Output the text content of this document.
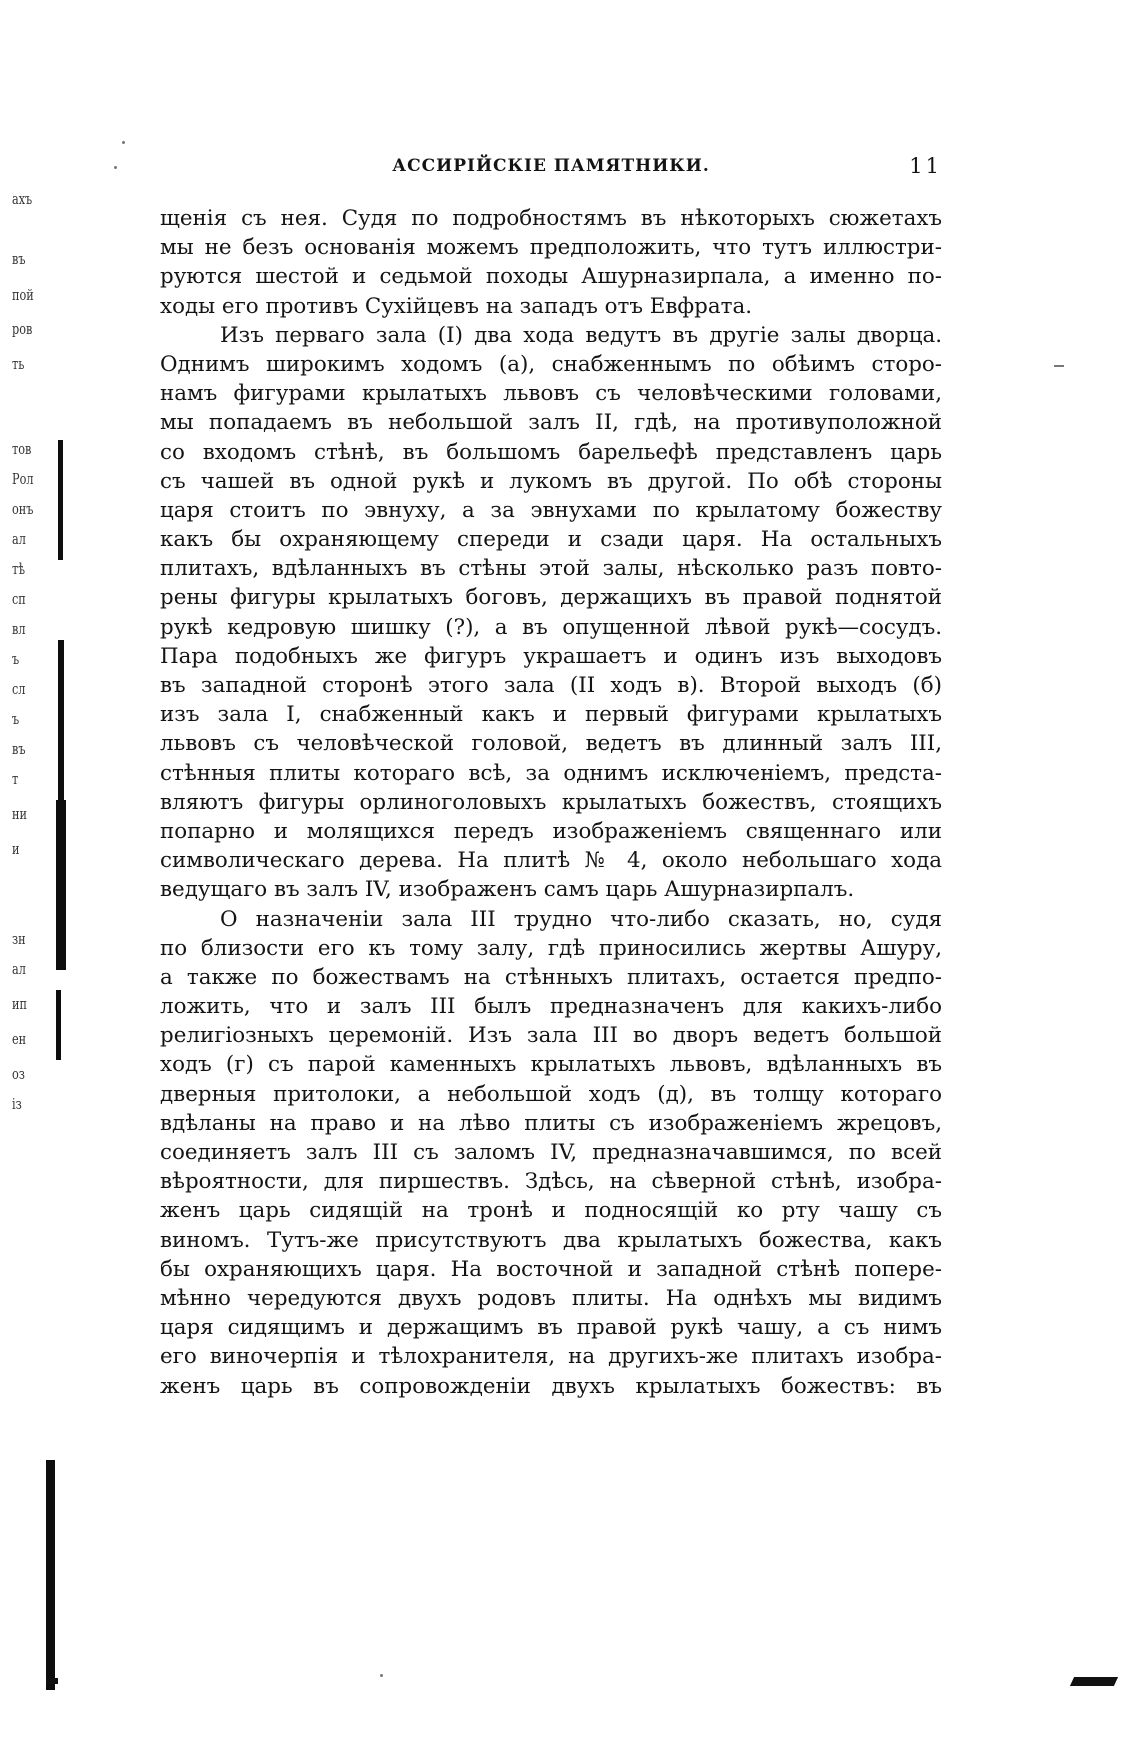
ахъ
въ
пой
ров
ть
тов
Рол
онъ
ал
тѣ
сп
вл
ъ
сл
ъ
въ
т
ни
и
зн
ал
ип
ен
оз
із
АССИРІЙСКІЕ ПАМЯТНИКИ.	11

щенія съ нея. Судя по подробностямъ въ нѣкоторыхъ сюжетахъ

мы не безъ основанія можемъ предположить, что тутъ иллюстри-

руются шестой и седьмой походы Ашурназирпала, а именно по-

ходы его противъ Сухійцевъ на западъ отъ Евфрата.

Изъ перваго зала (I) два хода ведутъ въ другіе залы дворца.

Однимъ широкимъ ходомъ (а), снабженнымъ по обѣимъ сторо-

намъ фигурами крылатыхъ львовъ съ человѣческими головами,

мы попадаемъ въ небольшой залъ II, гдѣ, на противуположной

со входомъ стѣнѣ, въ большомъ барельефѣ представленъ царь

съ чашей въ одной рукѣ и лукомъ въ другой. По обѣ стороны

царя стоитъ по эвнуху, а за эвнухами по крылатому божеству

какъ бы охраняющему спереди и сзади царя. На остальныхъ

плитахъ, вдѣланныхъ въ стѣны этой залы, нѣсколько разъ повто-

рены фигуры крылатыхъ боговъ, держащихъ въ правой поднятой

рукѣ кедровую шишку (?), а въ опущенной лѣвой рукѣ—сосудъ.

Пара подобныхъ же фигуръ украшаетъ и одинъ изъ выходовъ

въ западной сторонѣ этого зала (II ходъ в). Второй выходъ (б)

изъ зала I, снабженный какъ и первый фигурами крылатыхъ

львовъ съ человѣческой головой, ведетъ въ длинный залъ III,

стѣнныя плиты котораго всѣ, за однимъ исключеніемъ, предста-

вляютъ фигуры орлиноголовыхъ крылатыхъ божествъ, стоящихъ

попарно и молящихся передъ изображеніемъ священнаго или

символическаго дерева. На плитѣ № 4, около небольшаго хода

ведущаго въ залъ IV, изображенъ самъ царь Ашурназирпалъ.

О назначеніи зала III трудно что-либо сказать, но, судя

по близости его къ тому залу, гдѣ приносились жертвы Ашуру,

а также по божествамъ на стѣнныхъ плитахъ, остается предпо-

ложить, что и залъ III былъ предназначенъ для какихъ-либо

религіозныхъ церемоній. Изъ зала III во дворъ ведетъ большой

ходъ (г) съ парой каменныхъ крылатыхъ львовъ, вдѣланныхъ въ

дверныя притолоки, а небольшой ходъ (д), въ толщу котораго

вдѣланы на право и на лѣво плиты съ изображеніемъ жрецовъ,

соединяетъ залъ III съ заломъ IV, предназначавшимся, по всей

вѣроятности, для пиршествъ. Здѣсь, на сѣверной стѣнѣ, изобра-

женъ царь сидящій на тронѣ и подносящій ко рту чашу съ

виномъ. Тутъ-же присутствуютъ два крылатыхъ божества, какъ

бы охраняющихъ царя. На восточной и западной стѣнѣ попере-

мѣнно чередуются двухъ родовъ плиты. На однѣхъ мы видимъ

царя сидящимъ и держащимъ въ правой рукѣ чашу, а съ нимъ

его виночерпія и тѣлохранителя, на другихъ-же плитахъ изобра-

женъ царь въ сопровожденіи двухъ крылатыхъ божествъ: въ
